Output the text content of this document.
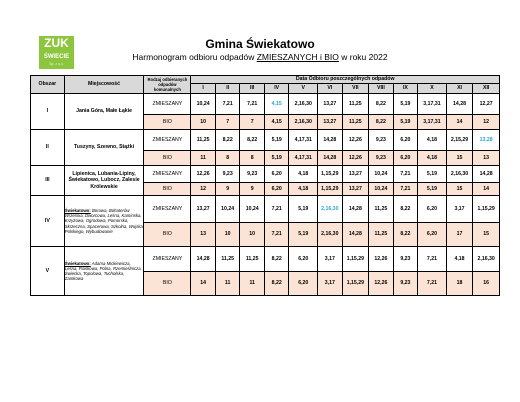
ZUK
ŚWIECIE
Sp. z o.o.
Gmina Świekatowo
Harmonogram odbioru odpadów ZMIESZANYCH i BIO w roku 2022
Obszar	Miejscowość	Rodzaj odbieranych odpadów komunalnych	Data Odbioru poszczególnych odpadów											
			I	II	III	IV	V	VI	VII	VIII	IX	X	XI	XII
I	Jania Góra, Małe Łąkie	ZMIESZANY	10,24	7,21	7,21	4,15	2,16,30	13,27	11,25	8,22	5,19	3,17,31	14,28	12,27
		BIO	10	7	7	4,15	2,16,30	13,27	11,25	8,22	5,19	3,17,31	14	12
II	Tuszyny, Szewno, Stążki	ZMIESZANY	11,25	8,22	8,22	5,19	4,17,31	14,28	12,26	9,23	6,20	4,18	2,15,29	13,28
		BIO	11	8	8	5,19	4,17,31	14,28	12,26	9,23	6,20	4,18	15	13
III	Lipienica, Lubania-Lipiny,
Świekatowo, Lubocz, Zalesie
Królewskie	ZMIESZANY	12,26	9,23	9,23	6,20	4,18	1,15,29	13,27	10,24	7,21	5,19	2,16,30	14,28
		BIO	12	9	9	6,20	4,18	1,15,29	13,27	10,24	7,21	5,19	15	14
IV	Świekatowo: Borowa, Bohaterów Września, Dworcowa, Leśna, Kaminska, Krzyżowa, Ogrodowa, Pomorska, Skrzeczna, Spacerowa, Szkolna, Wojska Polskiego, Wybudowanie	ZMIESZANY	13,27	10,24	10,24	7,21	5,19	2,16,30	14,28	11,25	8,22	6,20	3,17	1,15,29
		BIO	13	10	10	7,21	5,19	2,16,30	14,28	11,25	8,22	6,20	17	15
V	Świekatowo: Adama Mickiewicza, Leśna, Piaskowa, Polna, Rzemieślnicza, Świecka, Topolowa, Tucholska, Zamkowa	ZMIESZANY	14,28	11,25	11,25	8,22	6,20	3,17	1,15,29	12,26	9,23	7,21	4,18	2,16,30
		BIO	14	11	11	8,22	6,20	3,17	1,15,29	12,26	9,23	7,21	18	16
